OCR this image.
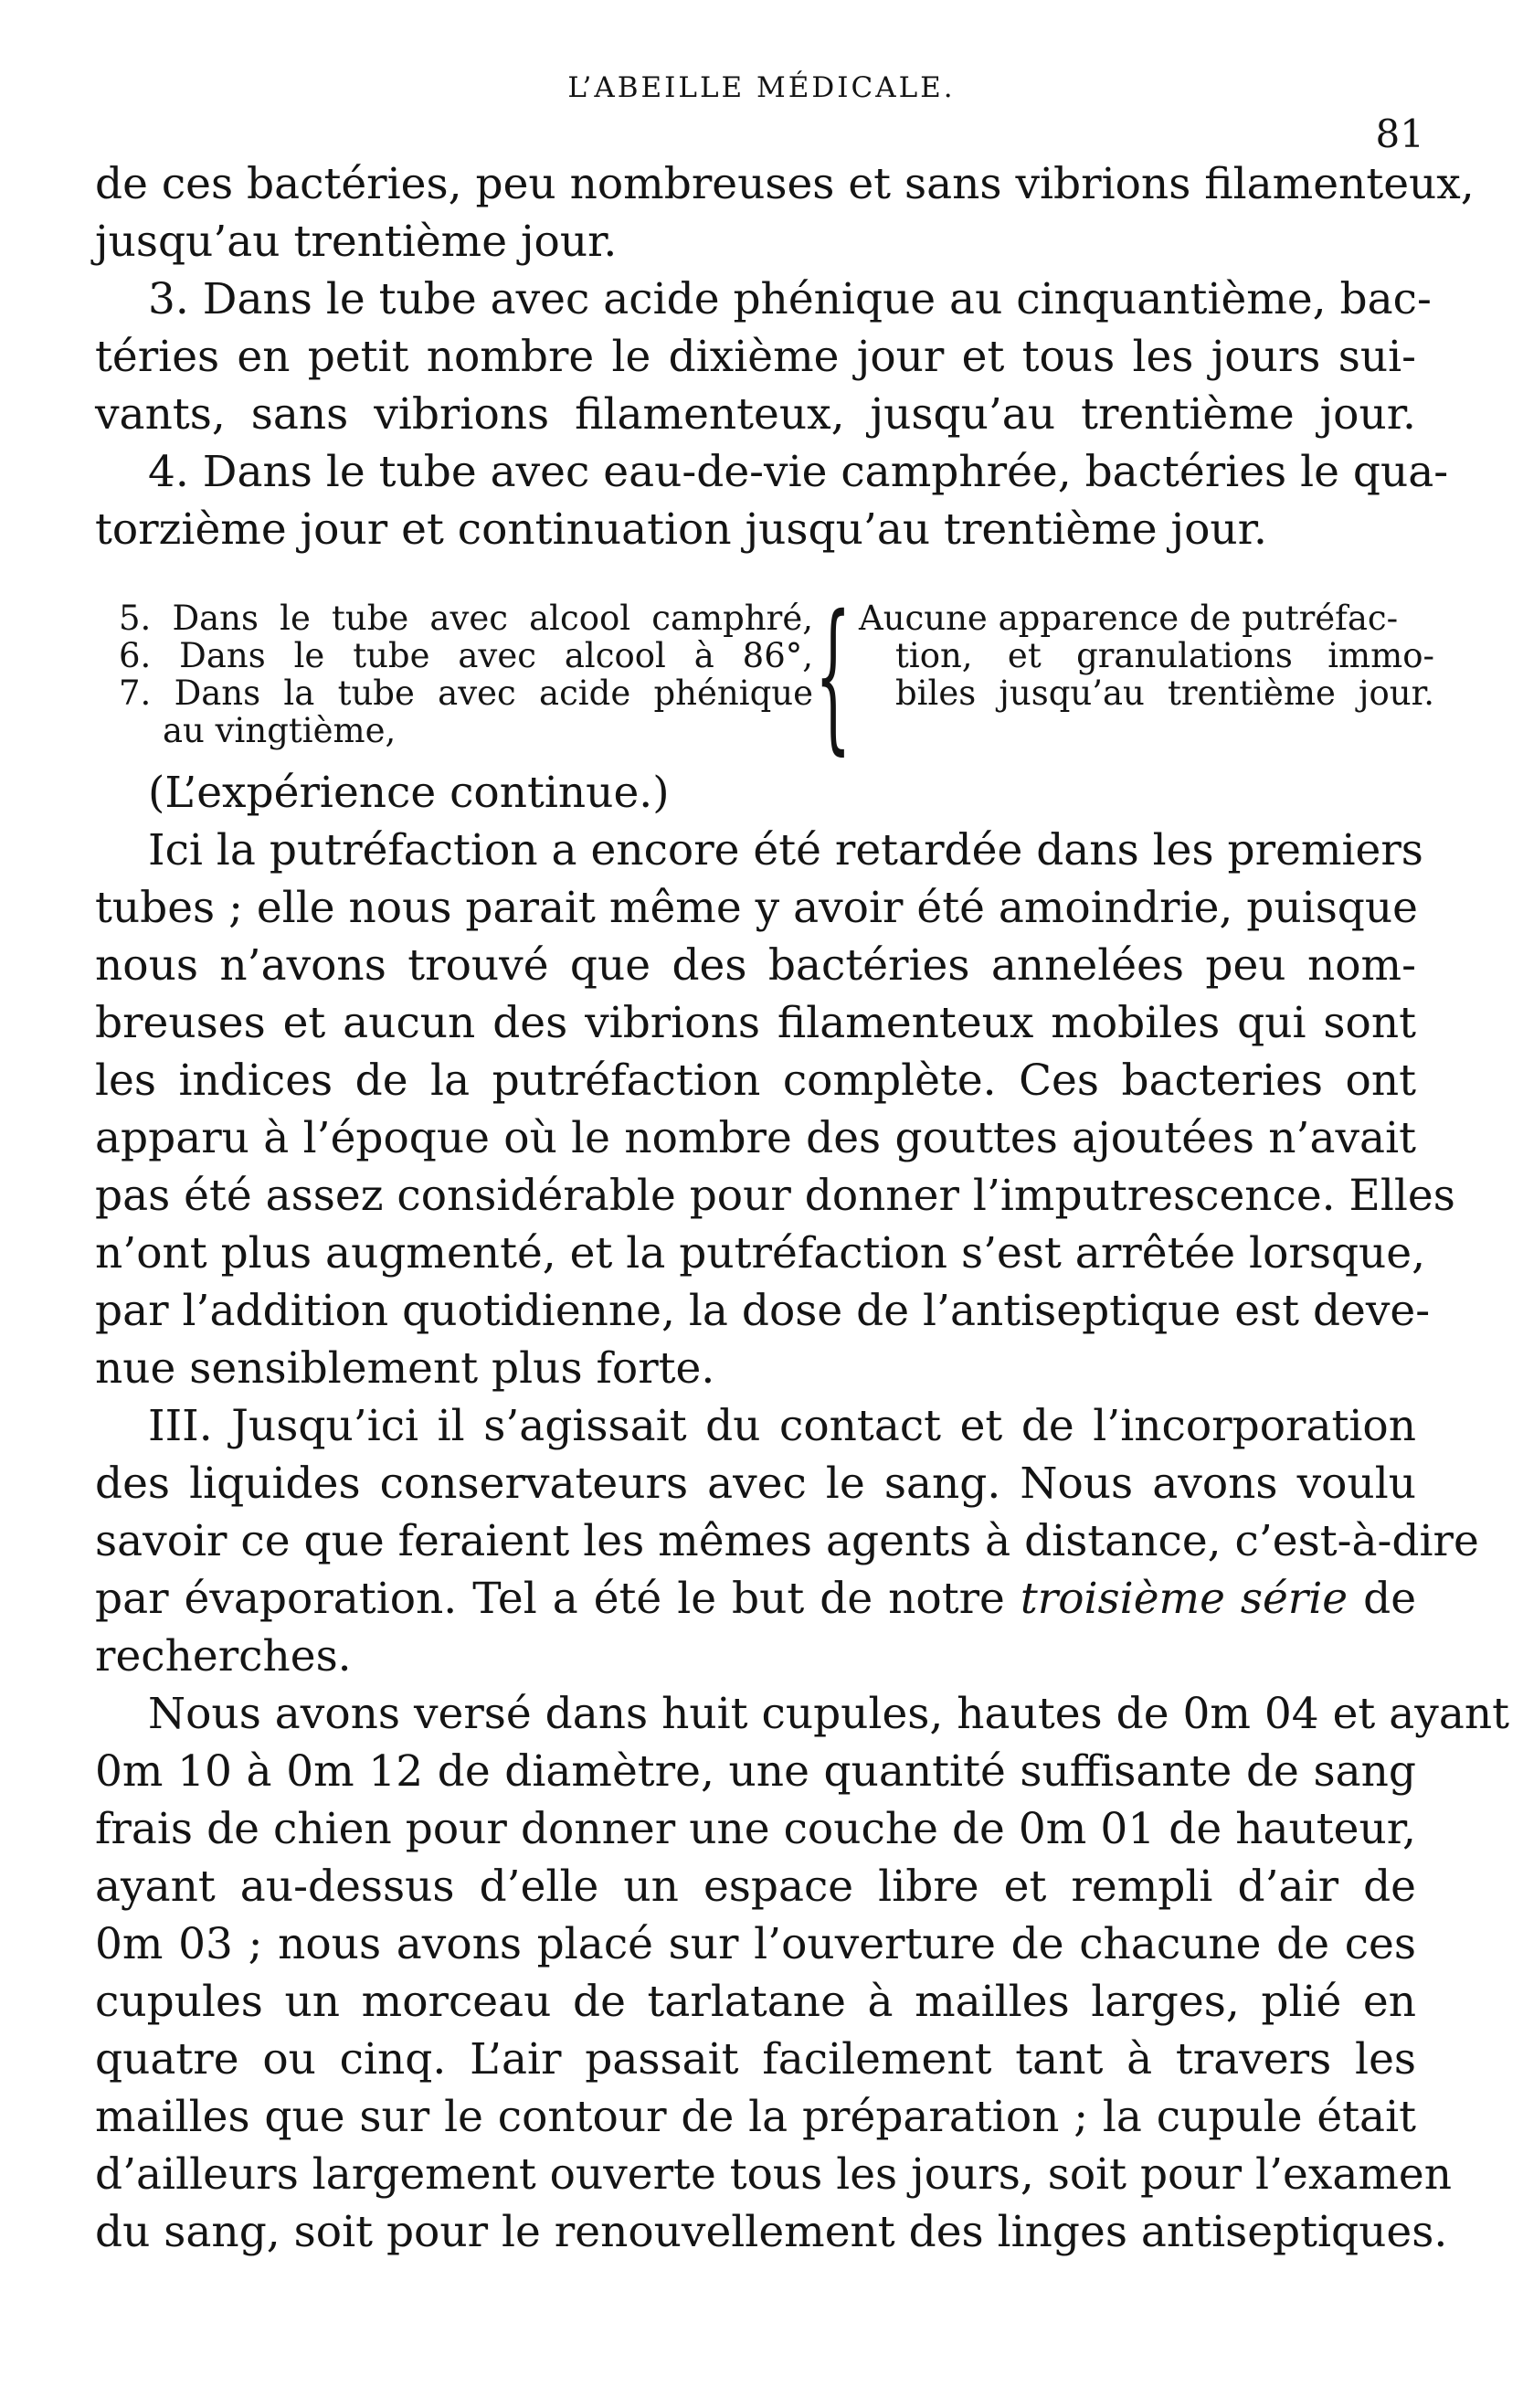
L’ABEILLE MÉDICALE.
81
de ces bactéries, peu nombreuses et sans vibrions filamenteux,
jusqu’au trentième jour.
3. Dans le tube avec acide phénique au cinquantième, bac-
téries en petit nombre le dixième jour et tous les jours sui-
vants, sans vibrions filamenteux, jusqu’au trentième jour.
4. Dans le tube avec eau-de-vie camphrée, bactéries le qua-
torzième jour et continuation jusqu’au trentième jour.
5. Dans le tube avec alcool camphré,
6. Dans le tube avec alcool à 86°,
7. Dans la tube avec acide phénique
au vingtième,	{ Aucune apparence de putréfac-
tion, et granulations immo-
biles jusqu’au trentième jour.
(L’expérience continue.)
Ici la putréfaction a encore été retardée dans les premiers
tubes ; elle nous parait même y avoir été amoindrie, puisque
nous n’avons trouvé que des bactéries annelées peu nom-
breuses et aucun des vibrions filamenteux mobiles qui sont
les indices de la putréfaction complète. Ces bacteries ont
apparu à l’époque où le nombre des gouttes ajoutées n’avait
pas été assez considérable pour donner l’imputrescence. Elles
n’ont plus augmenté, et la putréfaction s’est arrêtée lorsque,
par l’addition quotidienne, la dose de l’antiseptique est deve-
nue sensiblement plus forte.
III. Jusqu’ici il s’agissait du contact et de l’incorporation
des liquides conservateurs avec le sang. Nous avons voulu
savoir ce que feraient les mêmes agents à distance, c’est-à-dire
par évaporation. Tel a été le but de notre troisième série de
recherches.
Nous avons versé dans huit cupules, hautes de 0m 04 et ayant
0m 10 à 0m 12 de diamètre, une quantité suffisante de sang
frais de chien pour donner une couche de 0m 01 de hauteur,
ayant au-dessus d’elle un espace libre et rempli d’air de
0m 03 ; nous avons placé sur l’ouverture de chacune de ces
cupules un morceau de tarlatane à mailles larges, plié en
quatre ou cinq. L’air passait facilement tant à travers les
mailles que sur le contour de la préparation ; la cupule était
d’ailleurs largement ouverte tous les jours, soit pour l’examen
du sang, soit pour le renouvellement des linges antiseptiques.
